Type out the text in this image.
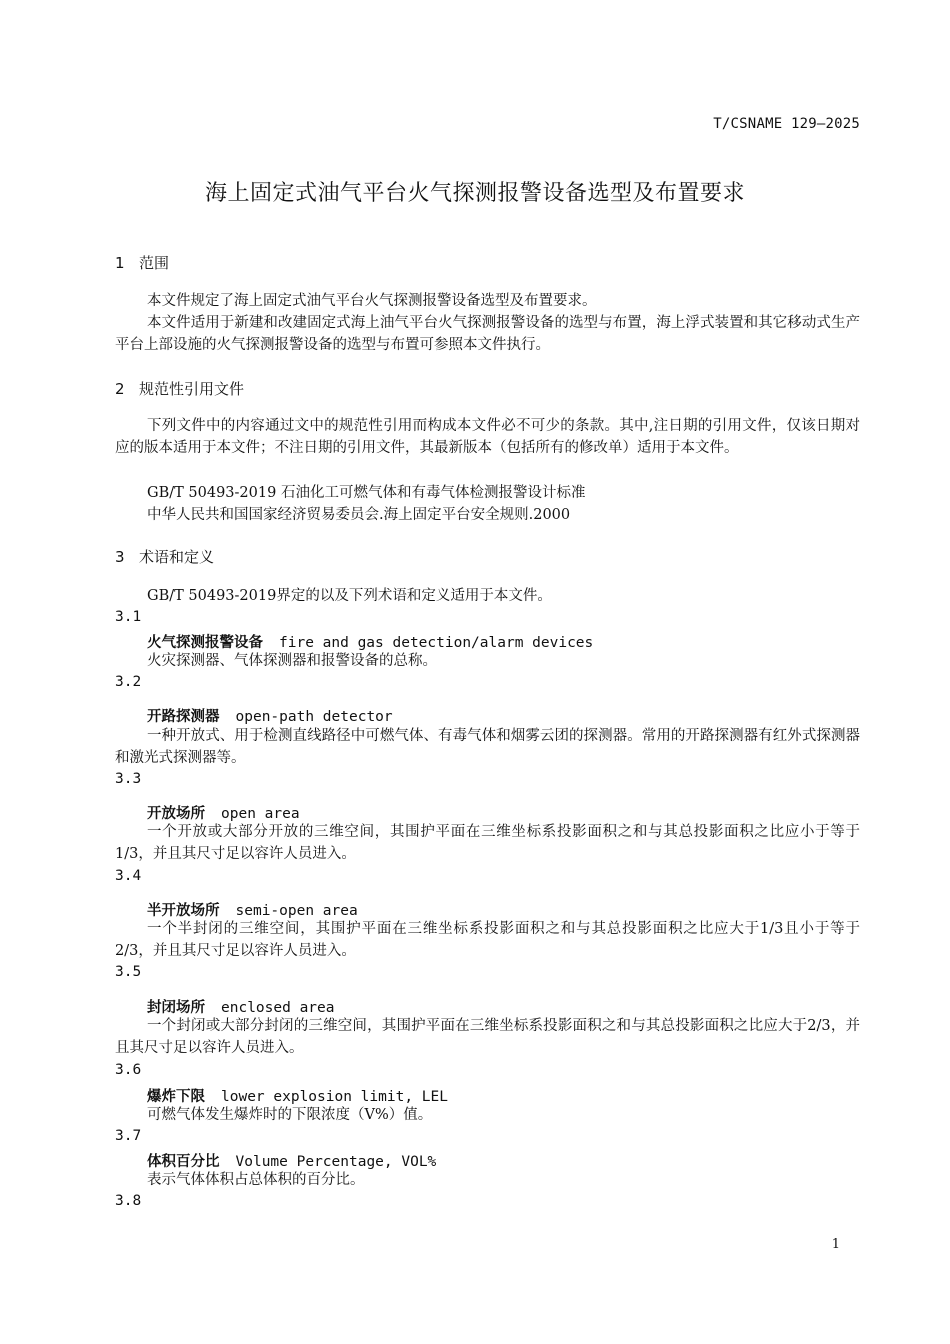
T/CSNAME 129—2025
海上固定式油气平台火气探测报警设备选型及布置要求
1 范围
本文件规定了海上固定式油气平台火气探测报警设备选型及布置要求。
本文件适用于新建和改建固定式海上油气平台火气探测报警设备的选型与布置，海上浮式装置和其它移动式生产平台上部设施的火气探测报警设备的选型与布置可参照本文件执行。
2 规范性引用文件
下列文件中的内容通过文中的规范性引用而构成本文件必不可少的条款。其中,注日期的引用文件，仅该日期对应的版本适用于本文件；不注日期的引用文件，其最新版本（包括所有的修改单）适用于本文件。
GB/T 50493-2019 石油化工可燃气体和有毒气体检测报警设计标准
中华人民共和国国家经济贸易委员会.海上固定平台安全规则.2000
3 术语和定义
GB/T 50493-2019界定的以及下列术语和定义适用于本文件。
3.1
火气探测报警设备 fire and gas detection/alarm devices
火灾探测器、气体探测器和报警设备的总称。
3.2
开路探测器 open-path detector
一种开放式、用于检测直线路径中可燃气体、有毒气体和烟雾云团的探测器。常用的开路探测器有红外式探测器和激光式探测器等。
3.3
开放场所 open area
一个开放或大部分开放的三维空间，其围护平面在三维坐标系投影面积之和与其总投影面积之比应小于等于1/3，并且其尺寸足以容许人员进入。
3.4
半开放场所 semi-open area
一个半封闭的三维空间，其围护平面在三维坐标系投影面积之和与其总投影面积之比应大于1/3且小于等于2/3，并且其尺寸足以容许人员进入。
3.5
封闭场所 enclosed area
一个封闭或大部分封闭的三维空间，其围护平面在三维坐标系投影面积之和与其总投影面积之比应大于2/3，并且其尺寸足以容许人员进入。
3.6
爆炸下限 lower explosion limit, LEL
可燃气体发生爆炸时的下限浓度（V%）值。
3.7
体积百分比 Volume Percentage, VOL%
表示气体体积占总体积的百分比。
3.8
1
